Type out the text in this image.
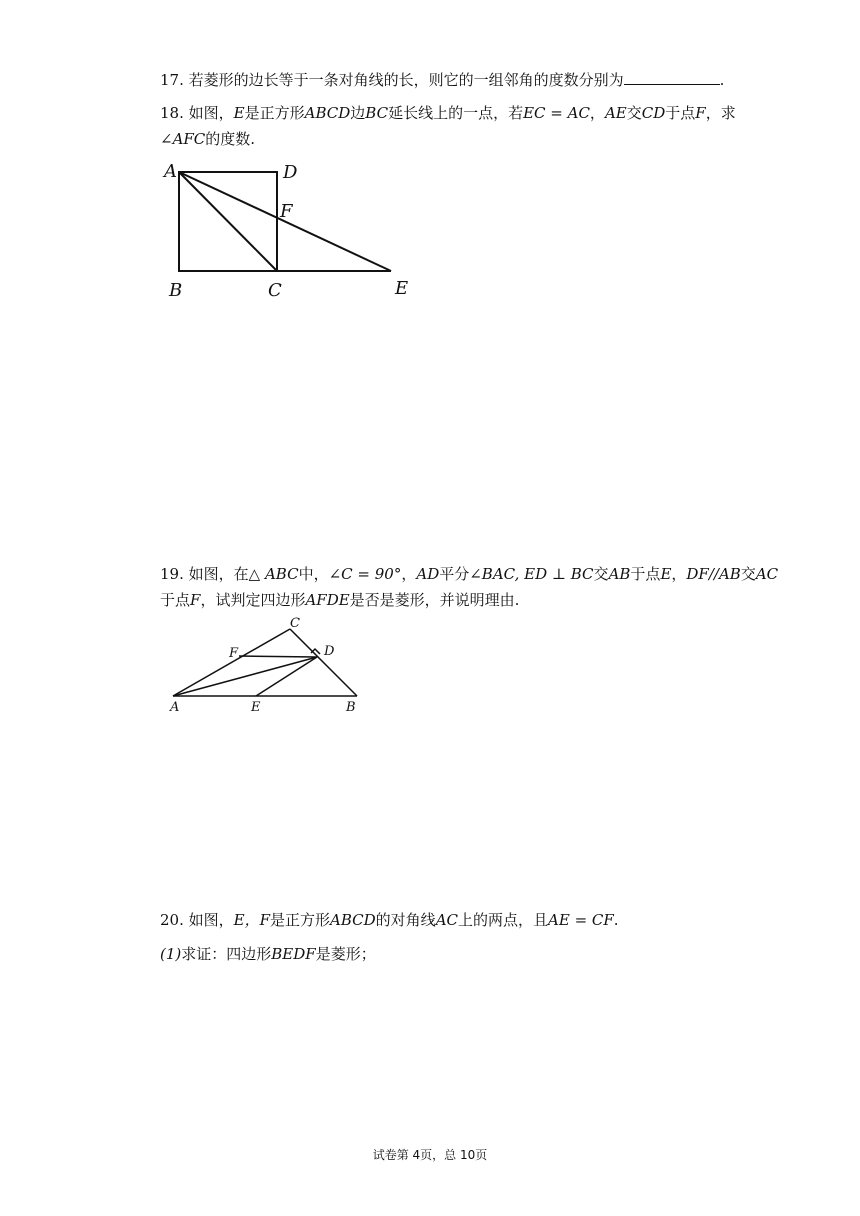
17. 若菱形的边长等于一条对角线的长，则它的一组邻角的度数分别为	.
18. 如图，E是正方形ABCD边BC延长线上的一点，若EC = AC，AE交CD于点F，求
∠AFC的度数.
A	D
F
B	C	E
19. 如图，在△ ABC中，∠C = 90°，AD平分∠BAC, ED ⊥ BC交AB于点E，DF//AB交AC
于点F，试判定四边形AFDE是否是菱形，并说明理由.
C
F	D
A	E	B
20. 如图，E，F是正方形ABCD的对角线AC上的两点，且AE = CF.
(1)求证：四边形BEDF是菱形；
试卷第 4页，总 10页
